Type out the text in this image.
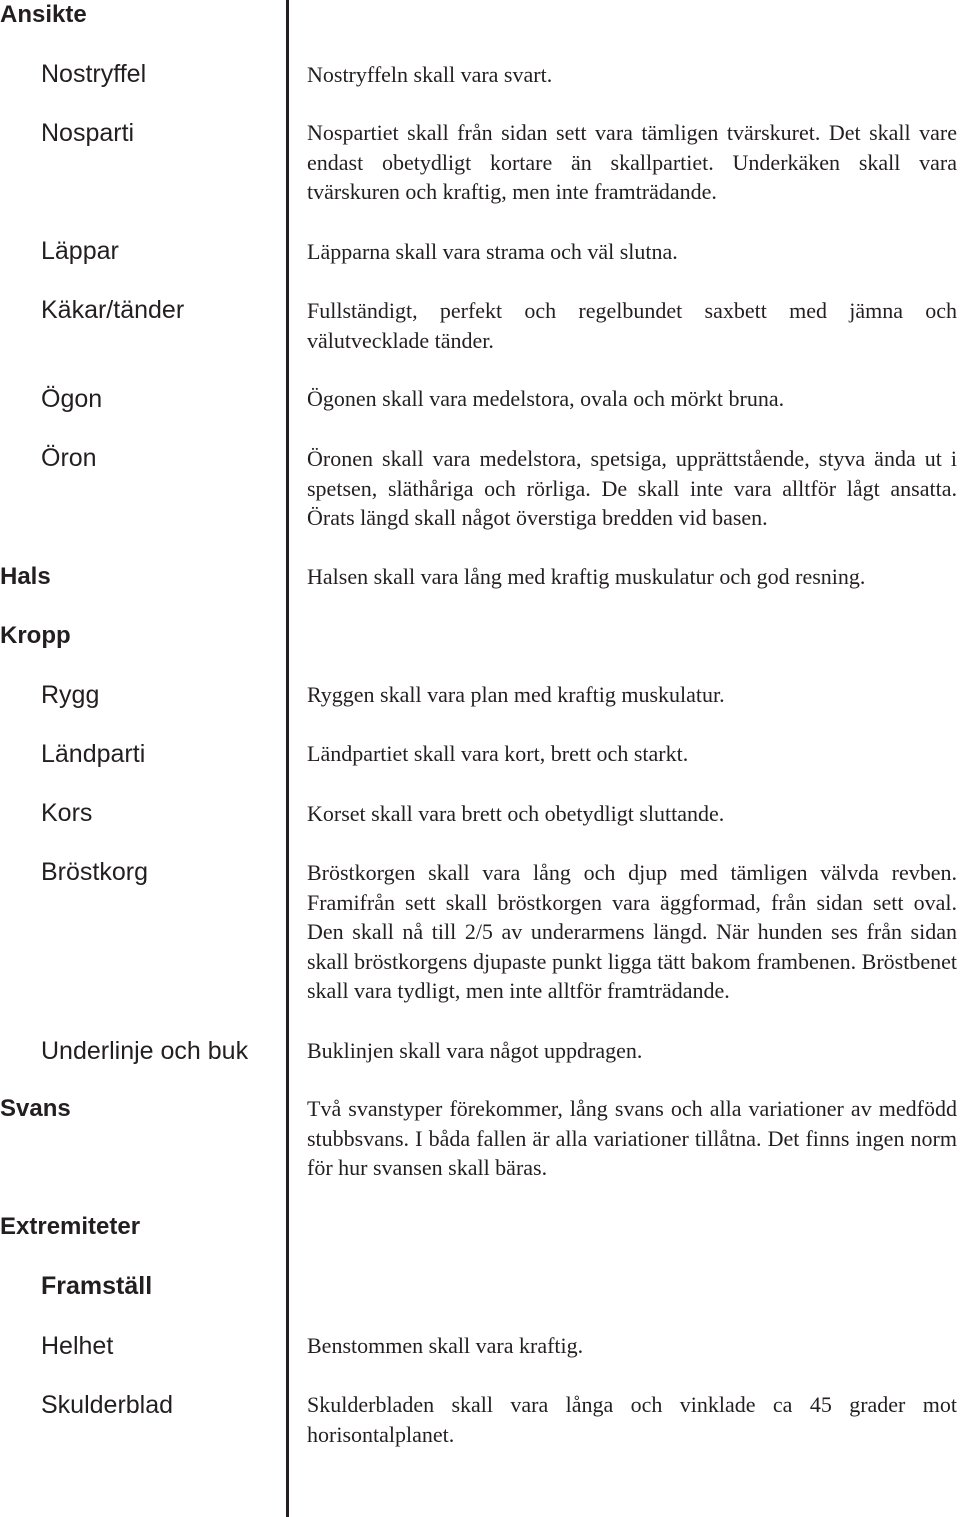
Ansikte
Nostryffel
Nosparti
Läppar
Käkar/tänder
Ögon
Öron
Hals
Kropp
Rygg
Ländparti
Kors
Bröstkorg
Underlinje och buk
Svans
Extremiteter
Framställ
Helhet
Skulderblad
Nostryffeln skall vara svart.
Nospartiet skall från sidan sett vara tämligen tvärskuret. Det skall vare endast obetydligt kortare än skallpartiet. Underkäken skall vara tvärskuren och kraftig, men inte framträdande.
Läpparna skall vara strama och väl slutna.
Fullständigt, perfekt och regelbundet saxbett med jämna och välutvecklade tänder.
Ögonen skall vara medelstora, ovala och mörkt bruna.
Öronen skall vara medelstora, spetsiga, upprättstående, styva ända ut i spetsen, släthåriga och rörliga. De skall inte vara alltför lågt ansatta. Örats längd skall något överstiga bredden vid basen.
Halsen skall vara lång med kraftig muskulatur och god resning.
Ryggen skall vara plan med kraftig muskulatur.
Ländpartiet skall vara kort, brett och starkt.
Korset skall vara brett och obetydligt sluttande.
Bröstkorgen skall vara lång och djup med tämligen välvda revben. Framifrån sett skall bröstkorgen vara äggformad, från sidan sett oval. Den skall nå till 2/5 av underarmens längd. När hunden ses från sidan skall bröstkorgens djupaste punkt ligga tätt bakom frambenen. Bröstbenet skall vara tydligt, men inte alltför framträdande.
Buklinjen skall vara något uppdragen.
Två svanstyper förekommer, lång svans och alla variationer av medfödd stubbsvans. I båda fallen är alla variationer tillåtna. Det finns ingen norm för hur svansen skall bäras.
Benstommen skall vara kraftig.
Skulderbladen skall vara långa och vinklade ca 45 grader mot horisontalplanet.
